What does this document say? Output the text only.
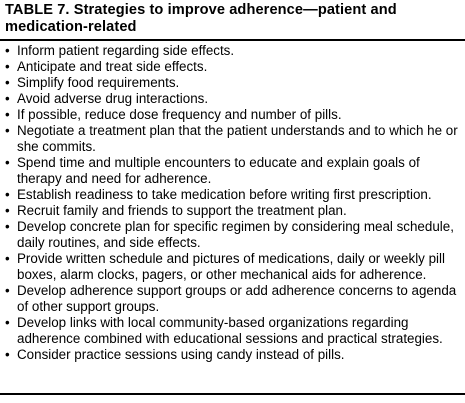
TABLE 7. Strategies to improve adherence—patient and medication-related
• Inform patient regarding side effects.
• Anticipate and treat side effects.
• Simplify food requirements.
• Avoid adverse drug interactions.
• If possible, reduce dose frequency and number of pills.
• Negotiate a treatment plan that the patient understands and to which he or she commits.
• Spend time and multiple encounters to educate and explain goals of therapy and need for adherence.
• Establish readiness to take medication before writing first prescription.
• Recruit family and friends to support the treatment plan.
• Develop concrete plan for specific regimen by considering meal schedule, daily routines, and side effects.
• Provide written schedule and pictures of medications, daily or weekly pill boxes, alarm clocks, pagers, or other mechanical aids for adherence.
• Develop adherence support groups or add adherence concerns to agenda of other support groups.
• Develop links with local community-based organizations regarding adherence combined with educational sessions and practical strategies.
• Consider practice sessions using candy instead of pills.
